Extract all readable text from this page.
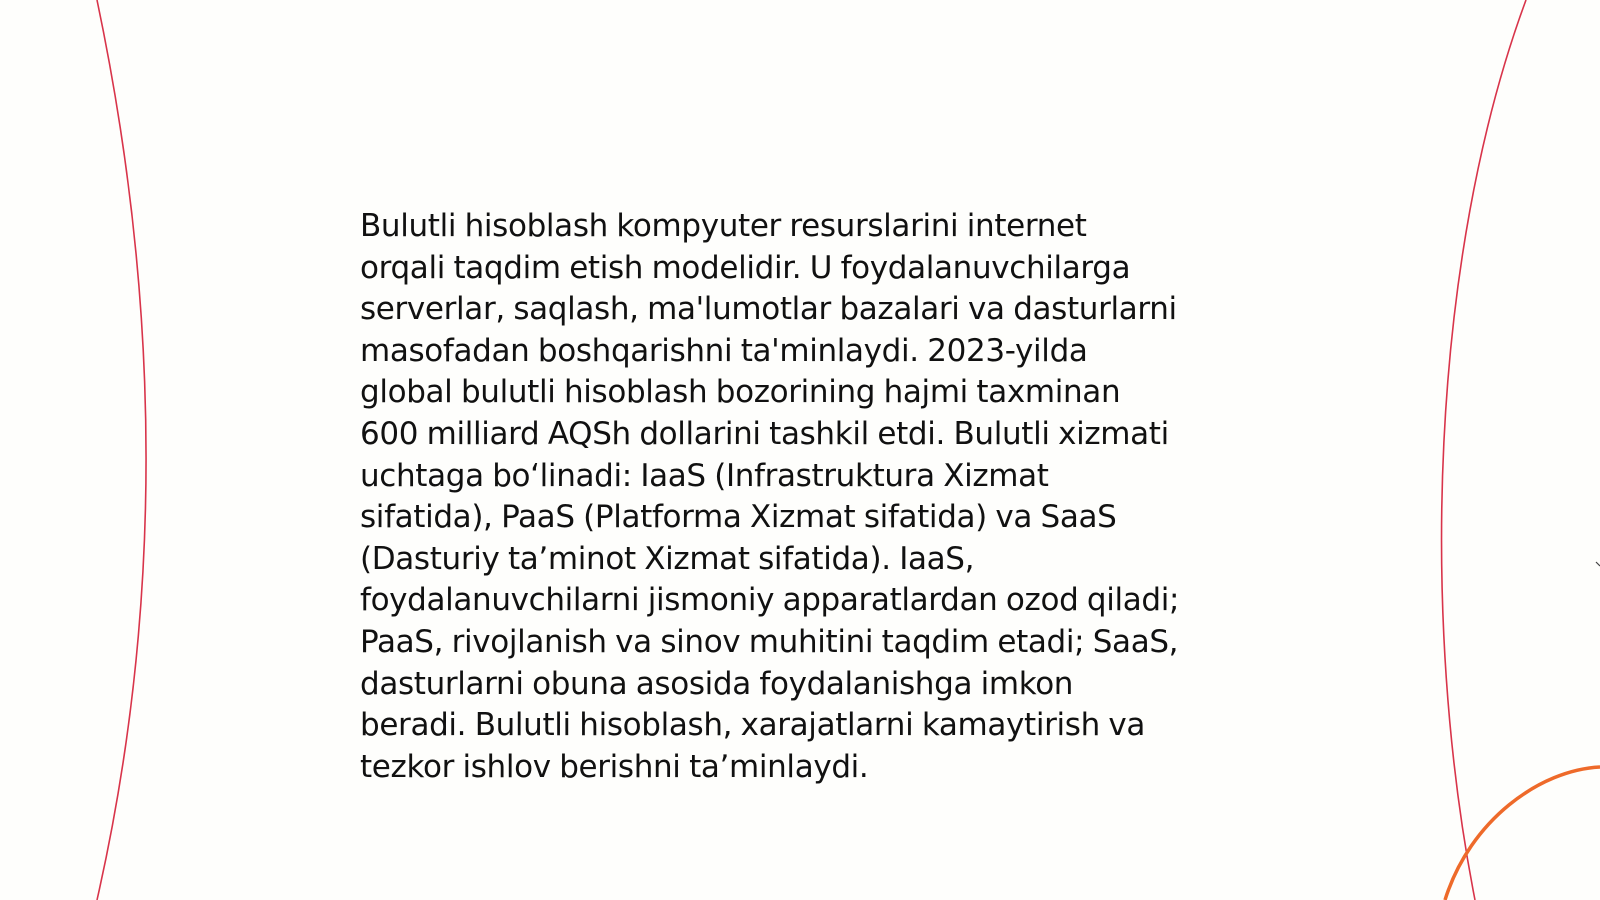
Bulutli hisoblash kompyuter resurslarini internet
orqali taqdim etish modelidir. U foydalanuvchilarga
serverlar, saqlash, ma'lumotlar bazalari va dasturlarni
masofadan boshqarishni ta'minlaydi. 2023-yilda
global bulutli hisoblash bozorining hajmi taxminan
600 milliard AQSh dollarini tashkil etdi. Bulutli xizmati
uchtaga boʻlinadi: IaaS (Infrastruktura Xizmat
sifatida), PaaS (Platforma Xizmat sifatida) va SaaS
(Dasturiy taʼminot Xizmat sifatida). IaaS,
foydalanuvchilarni jismoniy apparatlardan ozod qiladi;
PaaS, rivojlanish va sinov muhitini taqdim etadi; SaaS,
dasturlarni obuna asosida foydalanishga imkon
beradi. Bulutli hisoblash, xarajatlarni kamaytirish va
tezkor ishlov berishni taʼminlaydi.
